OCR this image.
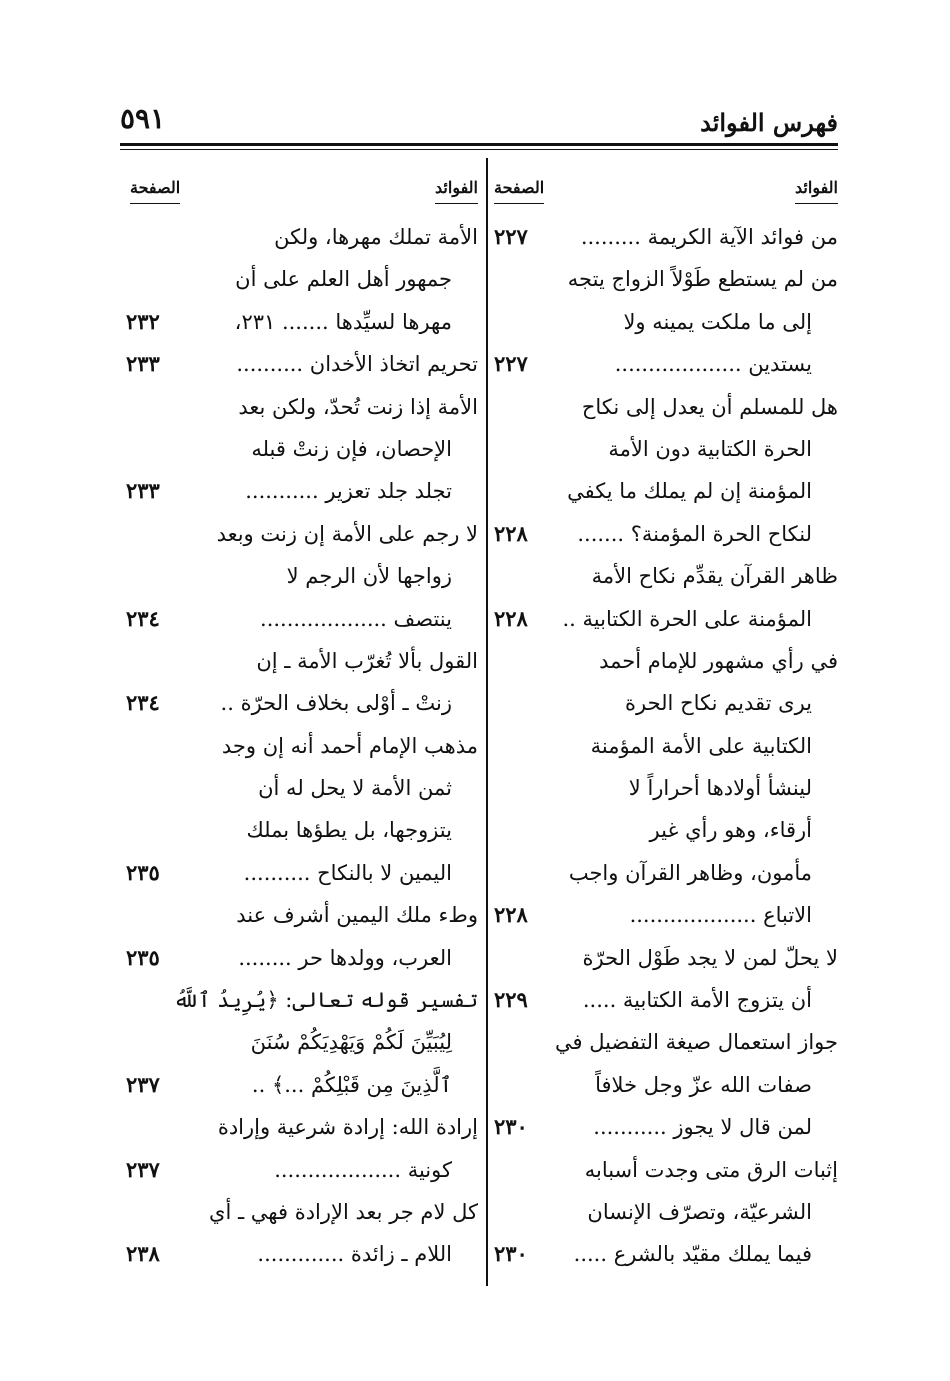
فهرس الفوائد
٥٩١
الفوائد
الصفحة
من فوائد الآية الكريمة .........
٢٢٧
من لم يستطع طَوْلاً الزواج يتجه
إلى ما ملكت يمينه ولا
يستدين ...................
٢٢٧
هل للمسلم أن يعدل إلى نكاح
الحرة الكتابية دون الأمة
المؤمنة إن لم يملك ما يكفي
لنكاح الحرة المؤمنة؟ .......
٢٢٨
ظاهر القرآن يقدِّم نكاح الأمة
المؤمنة على الحرة الكتابية ..
٢٢٨
في رأي مشهور للإمام أحمد
يرى تقديم نكاح الحرة
الكتابية على الأمة المؤمنة
لينشأ أولادها أحراراً لا
أرقاء، وهو رأي غير
مأمون، وظاهر القرآن واجب
الاتباع ...................
٢٢٨
لا يحلّ لمن لا يجد طَوْل الحرّة
أن يتزوج الأمة الكتابية .....
٢٢٩
جواز استعمال صيغة التفضيل في
صفات الله عزّ وجل خلافاً
لمن قال لا يجوز ...........
٢٣٠
إثبات الرق متى وجدت أسبابه
الشرعيّة، وتصرّف الإنسان
فيما يملك مقيّد بالشرع .....
٢٣٠
الفوائد
الصفحة
الأمة تملك مهرها، ولكن
جمهور أهل العلم على أن
مهرها لسيِّدها ....... ٢٣١،
٢٣٢
تحريم اتخاذ الأخدان ..........
٢٣٣
الأمة إذا زنت تُحدّ، ولكن بعد
الإحصان، فإن زنتْ قبله
تجلد جلد تعزير ...........
٢٣٣
لا رجم على الأمة إن زنت وبعد
زواجها لأن الرجم لا
ينتصف ...................
٢٣٤
القول بألا تُغرّب الأمة ـ إن
زنتْ ـ أوْلى بخلاف الحرّة ..
٢٣٤
مذهب الإمام أحمد أنه إن وجد
ثمن الأمة لا يحل له أن
يتزوجها، بل يطؤها بملك
اليمين لا بالنكاح ..........
٢٣٥
وطء ملك اليمين أشرف عند
العرب، وولدها حر ........
٢٣٥
تفسير قوله تعالى: ﴿يُرِيدُ ٱللَّهُ
لِيُبَيِّنَ لَكُمْ وَيَهْدِيَكُمْ سُنَنَ
ٱلَّذِينَ مِن قَبْلِكُمْ ...﴾ ..
٢٣٧
إرادة الله: إرادة شرعية وإرادة
كونية ...................
٢٣٧
كل لام جر بعد الإرادة فهي ـ أي
اللام ـ زائدة .............
٢٣٨
